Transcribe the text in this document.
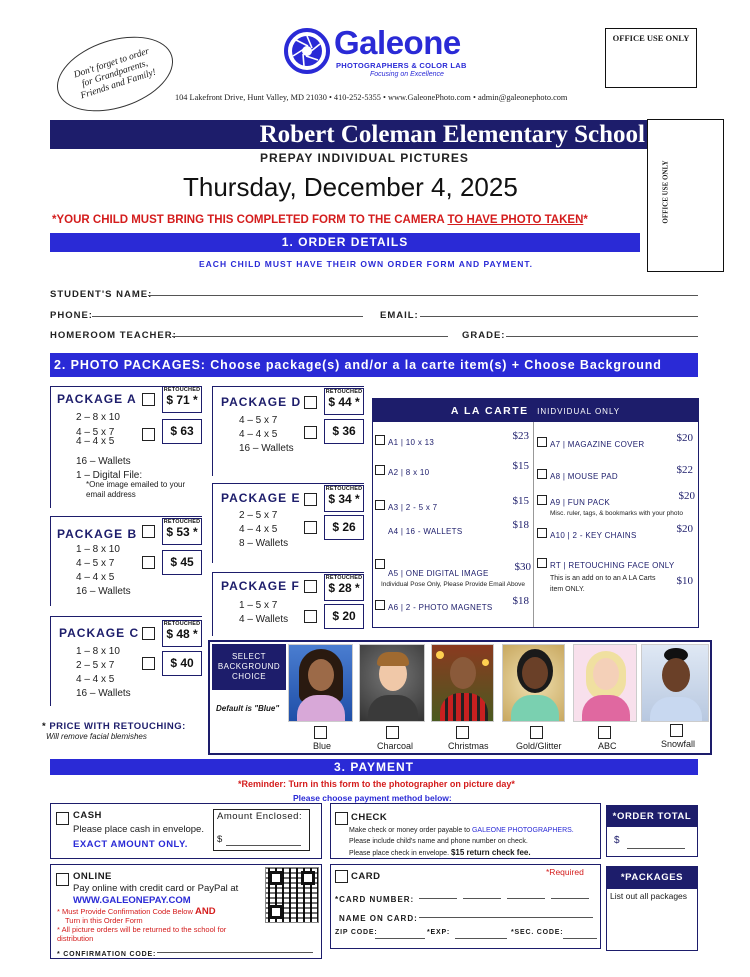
Don't forget to order for Grandparents, Friends and Family!
Galeone
PHOTOGRAPHERS & COLOR LAB
Focusing on Excellence
OFFICE USE ONLY
104 Lakefront Drive, Hunt Valley, MD 21030 • 410-252-5355 • www.GaleonePhoto.com • admin@galeonephoto.com
Robert Coleman Elementary School
OFFICE USE ONLY
PREPAY INDIVIDUAL PICTURES
Thursday, December 4, 2025
*YOUR CHILD MUST BRING THIS COMPLETED FORM TO THE CAMERA TO HAVE PHOTO TAKEN*
1. ORDER DETAILS
EACH CHILD MUST HAVE THEIR OWN ORDER FORM AND PAYMENT.
STUDENT'S NAME:
PHONE:	EMAIL:
HOMEROOM TEACHER:	GRADE:
2. PHOTO PACKAGES: Choose package(s) and/or a la carte item(s) + Choose Background
PACKAGE A
RETOUCHED
$ 71 *
$ 63
2 – 8 x 10
4 – 5 x 7
4 – 4 x 5
16 – Wallets
1 – Digital File:
*One image emailed to your email address
PACKAGE B
RETOUCHED
$ 53 *
$ 45
1 – 8 x 10
4 – 5 x 7
4 – 4 x 5
16 – Wallets
PACKAGE C
RETOUCHED
$ 48 *
$ 40
1 – 8 x 10
2 – 5 x 7
4 – 4 x 5
16 – Wallets
PACKAGE D
RETOUCHED
$ 44 *
$ 36
4 – 5 x 7
4 – 4 x 5
16 – Wallets
PACKAGE E
RETOUCHED
$ 34 *
$ 26
2 – 5 x 7
4 – 4 x 5
8 – Wallets
PACKAGE F
RETOUCHED
$ 28 *
$ 20
1 – 5 x 7
4 – Wallets
* PRICE WITH RETOUCHING:
Will remove facial blemishes
A LA CARTE INIDVIDUAL ONLY
A1 | 10 x 13
$23
A2 | 8 x 10
$15
A3 | 2 - 5 x 7
$15
A4 | 16 - WALLETS
$18
A5 | ONE DIGITAL IMAGE
$30
Individual Pose Only, Please Provide Email Above
A6 | 2 - PHOTO MAGNETS
$18
A7 | MAGAZINE COVER
$20
A8 | MOUSE PAD
$22
A9 | FUN PACK
$20
Misc. ruler, tags, & bookmarks with your photo
A10 | 2 - KEY CHAINS
$20
RT | RETOUCHING FACE ONLY
This is an add on to an A LA Carts item ONLY.
$10
SELECT BACKGROUND CHOICE
Default is "Blue"
Blue	Charcoal	Christmas	Gold/Glitter	ABC	Snowfall
3. PAYMENT
*Reminder: Turn in this form to the photographer on picture day*
Please choose payment method below:
CASH
Please place cash in envelope.
EXACT AMOUNT ONLY.
Amount Enclosed:
$
CHECK
Make check or money order payable to GALEONE PHOTOGRAPHERS.
Please include child's name and phone number on check.
Please place check in envelope. $15 return check fee.
*ORDER TOTAL
$
ONLINE
Pay online with credit card or PayPal at
WWW.GALEONEPAY.COM
* Must Provide Confirmation Code Below AND
Turn in this Order Form
* All picture orders will be returned to the school for distribution
* CONFIRMATION CODE:
CARD	*Required
*CARD NUMBER:
NAME ON CARD:
ZIP CODE:	*EXP:	*SEC. CODE:
*PACKAGES
List out all packages
